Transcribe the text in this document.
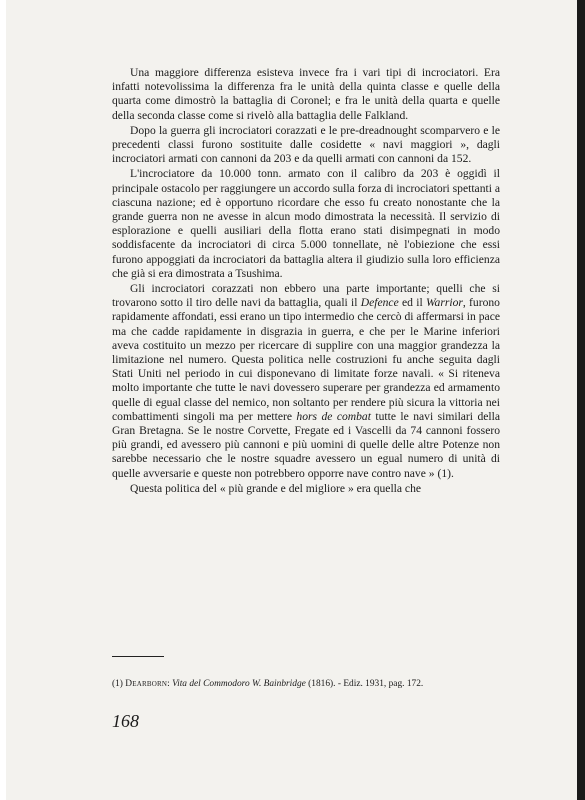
Una maggiore differenza esisteva invece fra i vari tipi di incrociatori. Era infatti notevolissima la differenza fra le unità della quinta classe e quelle della quarta come dimostrò la battaglia di Coronel; e fra le unità della quarta e quelle della seconda classe come si rivelò alla battaglia delle Falkland.

Dopo la guerra gli incrociatori corazzati e le pre-dreadnought scomparvero e le precedenti classi furono sostituite dalle cosidette « navi maggiori », dagli incrociatori armati con cannoni da 203 e da quelli armati con cannoni da 152.

L'incrociatore da 10.000 tonn. armato con il calibro da 203 è oggidì il principale ostacolo per raggiungere un accordo sulla forza di incrociatori spettanti a ciascuna nazione; ed è opportuno ricordare che esso fu creato nonostante che la grande guerra non ne avesse in alcun modo dimostrata la necessità. Il servizio di esplorazione e quelli ausiliari della flotta erano stati disimpegnati in modo soddisfacente da incrociatori di circa 5.000 tonnellate, nè l'obiezione che essi furono appoggiati da incrociatori da battaglia altera il giudizio sulla loro efficienza che già si era dimostrata a Tsushima.

Gli incrociatori corazzati non ebbero una parte importante; quelli che si trovarono sotto il tiro delle navi da battaglia, quali il Defence ed il Warrior, furono rapidamente affondati, essi erano un tipo intermedio che cercò di affermarsi in pace ma che cadde rapidamente in disgrazia in guerra, e che per le Marine inferiori aveva costituito un mezzo per ricercare di supplire con una maggior grandezza la limitazione nel numero. Questa politica nelle costruzioni fu anche seguita dagli Stati Uniti nel periodo in cui disponevano di limitate forze navali. « Si riteneva molto importante che tutte le navi dovessero superare per grandezza ed armamento quelle di egual classe del nemico, non soltanto per rendere più sicura la vittoria nei combattimenti singoli ma per mettere hors de combat tutte le navi similari della Gran Bretagna. Se le nostre Corvette, Fregate ed i Vascelli da 74 cannoni fossero più grandi, ed avessero più cannoni e più uomini di quelle delle altre Potenze non sarebbe necessario che le nostre squadre avessero un egual numero di unità di quelle avversarie e queste non potrebbero opporre nave contro nave » (1).

Questa politica del « più grande e del migliore » era quella che

(1) Dearborn: Vita del Commodoro W. Bainbridge (1816). - Ediz. 1931, pag. 172.
168
